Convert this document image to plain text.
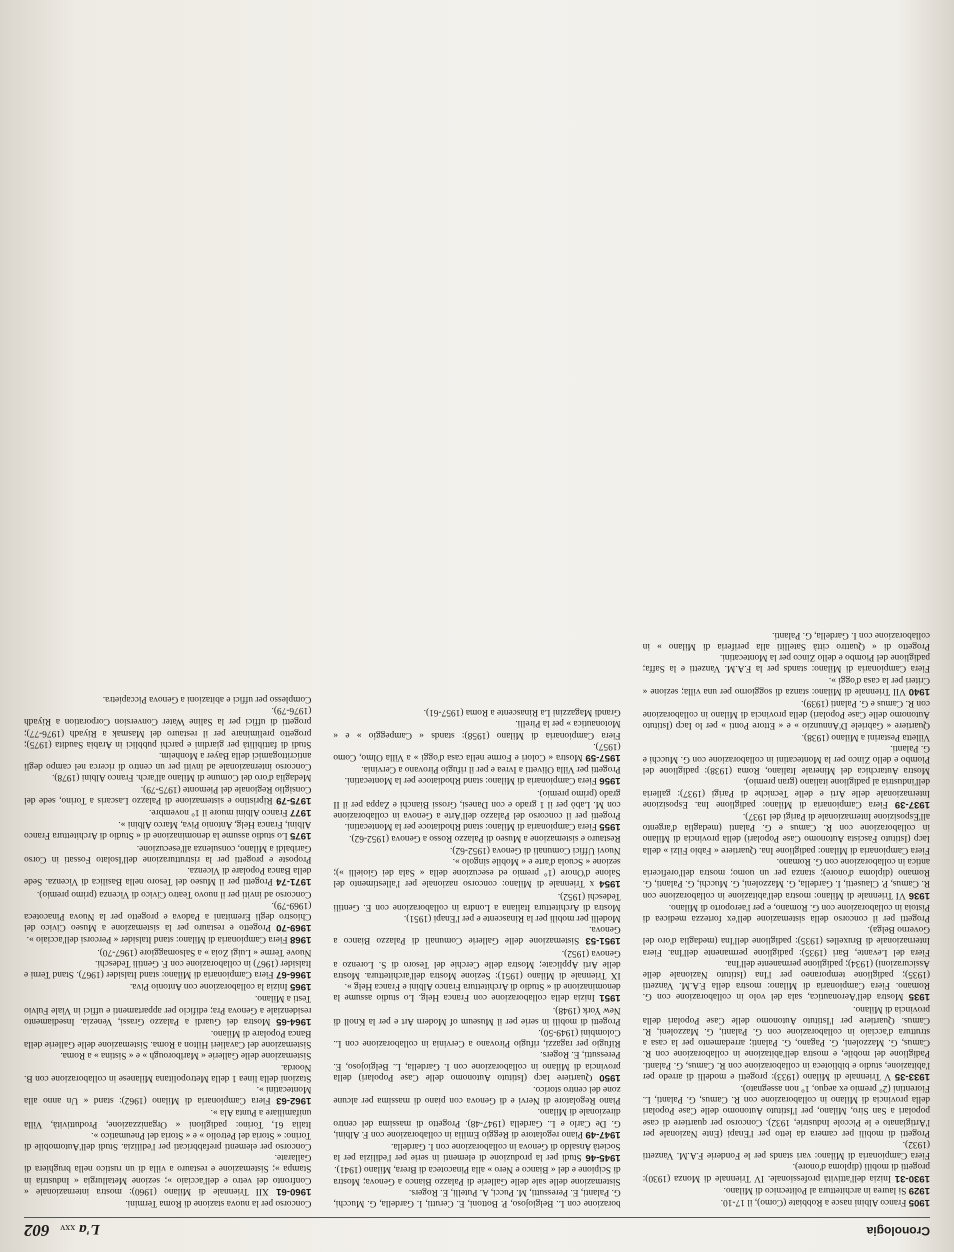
Cronologia
L'a xxv 602

1905 Franco Albini nasce a Robbiate (Como), il 17-10.

1929 Si laurea in architettura al Politecnico di Milano.

1930-31 Inizia dell'attività professionale. IV Triennale di Monza (1930): progetti di mobili (diploma d'onore).

Fiera Campionaria di Milano: vari stands per le Fonderie F.A.M. Vanzetti (1932).

Progetti di mobili per camera da letto per l'Enapi (Ente Nazionale per l'Artigianato e le Piccole Industrie, 1932). Concorso per quartiere di case popolari a San Siro, Milano, per l'Istituto Autonomo delle Case Popolari della provincia di Milano in collaborazione con R. Camus, G. Palanti, L. Fiorentini (2° premio ex aequo, 1° non assegnato).

1933-35 V Triennale di Milano (1933): progetti e modelli di arredo per l'abitazione, studio e biblioteca in collaborazione con R. Camus, G. Palanti. Padiglione del mobile, e mostra dell'abitazione in collaborazione con R. Camus, G. Mazzoleni, G. Pagano, G. Palanti; arredamento per la casa a struttura d'acciaio in collaborazione con G. Palanti, G. Mazzoleni, R. Camus. Quartiere per l'Istituto Autonomo delle Case Popolari della provincia di Milano.

1935 Mostra dell'Aeronautica, sala del volo in collaborazione con G. Romano. Fiera Campionaria di Milano: mostra della F.A.M. Vanzetti (1935); padiglione temporaneo per l'Ina (Istituto Nazionale delle Assicurazioni) (1934); padiglione permanente dell'Ina.

Fiera del Levante, Bari (1935): padiglione permanente dell'Ina. Fiera Internazionale di Bruxelles (1935): padiglione dell'Ina (medaglia d'oro del Governo Belga).

Progetti per il concorso della sistemazione dell'ex fortezza medicea di Pistoia in collaborazione con G. Romano, e per l'aeroporto di Milano.

1936 VI Triennale di Milano: mostra dell'abitazione in collaborazione con R. Camus, P. Clausetti, I. Gardella, G. Mazzoleni, G. Mucchi, G. Palanti, G. Romano (diploma d'onore); stanza per un uomo; mostra dell'oreficeria antica in collaborazione con G. Romano.

Fiera Campionaria di Milano: padiglione Ina. Quartiere « Fabio Filzi » della Iacp (Istituto Fascista Autonomo Case Popolari) della provincia di Milano in collaborazione con R. Camus e G. Palanti (medaglia d'argento all'Esposizione Internazionale di Parigi del 1937).

1937-39 Fiera Campionaria di Milano: padiglione Ina. Esposizione Internazionale delle Arti e delle Tecniche di Parigi (1937): galleria dell'industria al padiglione italiano (gran premio).

Mostra Autarchica del Minerale Italiano, Roma (1938): padiglione del Piombo e dello Zinco per la Montecatini in collaborazione con G. Mucchi e G. Palanti.

Villetta Pestarini a Milano (1938).

Quartiere « Gabriele D'Annunzio » e « Ettore Ponti » per lo Iacp (Istituto Autonomo delle Case Popolari) della provincia di Milano in collaborazione con R. Camus e G. Palanti (1939).

1940 VII Triennale di Milano: stanza di soggiorno per una villa; sezione « Criteri per la casa d'oggi ».

Fiera Campionaria di Milano: stands per la F.A.M. Vanzetti e la Saffa; padiglione del Piombo e dello Zinco per la Montecatini.

Progetto di « Quattro città Satelliti alla periferia di Milano » in collaborazione con I. Gardella, G. Palanti.

borazione con L. Belgiojoso, P. Bottoni, E. Cerutti, I. Gardella, G. Mucchi, G. Palanti, E. Peressutti, M. Pucci, A. Putelli, E. Rogers.

Sistemazione delle sale delle Gallerie di Palazzo Bianco a Genova; Mostra di Scipione e del « Bianco e Nero » alla Pinacoteca di Brera, Milano (1941).

1945-46 Studi per la produzione di elementi in serie per l'edilizia per la Società Ansaldo di Genova in collaborazione con I. Gardella.

1947-49 Piano regolatore di Reggio Emilia in collaborazione con F. Albini, G. De Carlo e L. Gardella (1947-48). Progetto di massima del centro direzionale di Milano.

Piano Regolatore di Nervi e di Genova con piano di massima per alcune zone del centro storico.

1950 Quartiere Iacp (Istituto Autonomo delle Case Popolari) della provincia di Milano in collaborazione con I. Gardella, L. Belgiojoso, E. Peressutti, E. Rogers.

Rifugio per ragazzi, rifugio Pirovano a Cervinia in collaborazione con L. Colombini (1949-50).

Progetti di mobili in serie per il Museum of Modern Art e per la Knoll di New York (1948).

1951 Inizia della collaborazione con Franca Helg. Lo studio assume la denominazione di « Studio di Architettura Franco Albini e Franca Helg ».

IX Triennale di Milano (1951): Sezione Mostra dell'architettura. Mostra delle Arti Applicate; Mostra delle Cerchie del Tesoro di S. Lorenzo a Genova (1952).

1951-53 Sistemazione delle Gallerie Comunali di Palazzo Bianco a Genova.

Modelli per mobili per la Rinascente e per l'Enapi (1951).

Mostra di Architettura Italiana a Londra in collaborazione con E. Gentili Tedeschi (1952).

1954 x Triennale di Milano: concorso nazionale per l'allestimento del Salone d'Onore (1° premio ed esecuzione della « Sala dei Gioielli »); sezione « Scuola d'arte e « Mobile singolo ».

Nuovi Uffici Comunali di Genova (1952-62).

Restauro e sistemazione a Museo di Palazzo Rosso a Genova (1952-62).

1955 Fiera Campionaria di Milano: stand Rhodiatoce per la Montecatini.

Progetti per il concorso del Palazzo dell'Arte a Genova in collaborazione con M. Labò per il 1 grado e con Danesi, Grossi Bianchi e Zappa per il II grado (primo premio).

1956 Fiera Campionaria di Milano: stand Rhodiatoce per la Montecatini.

Progetti per Villa Olivetti a Ivrea e per il rifugio Pirovano a Cervinia.

1957-59 Mostra « Colori e Forme nella casa d'oggi » a Villa Olmo, Como (1957).

Fiera Campionaria di Milano (1958): stands « Campeggio » e « Motonautica » per la Pirelli.

Grandi Magazzini La Rinascente a Roma (1957-61).

Concorso per la nuova stazione di Roma Termini.

1960-61 XII Triennale di Milano (1960): mostra internazionale « Confronto del vetro e dell'acciaio »; sezione Metallurgia « Industria in Stampa »; Sistemazione e restauro a villa di un rustico nella brughiera di Gallarate.

Concorso per elementi prefabbricati per l'edilizia. Studi dell'Automobile di Torino: « Storia del Petrolio » e « Storia del Pneumatico ».

Italia 61, Torino: padiglioni « Organizzazione, Produttività, Villa unifamiliare a Punta Ala ».

1962-63 Fiera Campionaria di Milano (1962): stand « Un anno alla Montecatini ».

Stazioni della linea 1 della Metropolitana Milanese in collaborazione con B. Noorda.

Sistemazione delle Gallerie « Marlborough » e « Sistina » a Roma.

Sistemazione del Cavalieri Hilton a Roma. Sistemazione delle Gallerie della Banca Popolare di Milano.

1964-65 Mostra dei Guardi a Palazzo Grassi, Venezia. Insediamento residenziale a Genova Pra; edificio per appartamenti e uffici in Viale Fulvio Testi a Milano.

1965 Inizia la collaborazione con Antonio Piva.

1966-67 Fiera Campionaria di Milano: stand Italsider (1967). Stand Terni e Italsider (1967) in collaborazione con F. Gentili Tedeschi.

Nuove Terme « Luigi Zoia » a Salsomaggiore (1967-70).

1968 Fiera Campionaria di Milano: stand Italsider « Percorsi dell'acciaio ».

1969-70 Progetto e restauro per la sistemazione a Museo Civico del Chiostro degli Eremitani a Padova e progetto per la Nuova Pinacoteca (1969-79).

Concorso ad inviti per il nuovo Teatro Civico di Vicenza (primo premio).

1971-74 Progetti per il Museo del Tesoro nella Basilica di Vicenza. Sede della Banca Popolare di Vicenza.

Proposte e progetti per la ristrutturazione dell'Isolato Fossati in Corso Garibaldi a Milano, consulenza all'esecuzione.

1975 Lo studio assume la denominazione di « Studio di Architettura Franco Albini, Franca Helg, Antonio Piva, Marco Albini ».

1977 Franco Albini muore il 1° novembre.

1975-79 Ripristino e sistemazione di Palazzo Lascaris a Torino, sede del Consiglio Regionale del Piemonte (1975-79).

Medaglia d'oro del Comune di Milano all'arch. Franco Albini (1978).

Concorso internazionale ad inviti per un centro di ricerca nel campo degli anticrittogamici della Bayer a Monheim.

Studi di fattibilità per giardini e parchi pubblici in Arabia Saudita (1975); progetto preliminare per il restauro del Masmak a Riyadh (1976-77); progetti di uffici per la Saline Water Conversion Corporation a Riyadh (1976-79).

Complesso per uffici e abitazioni a Genova Piccapietra.
